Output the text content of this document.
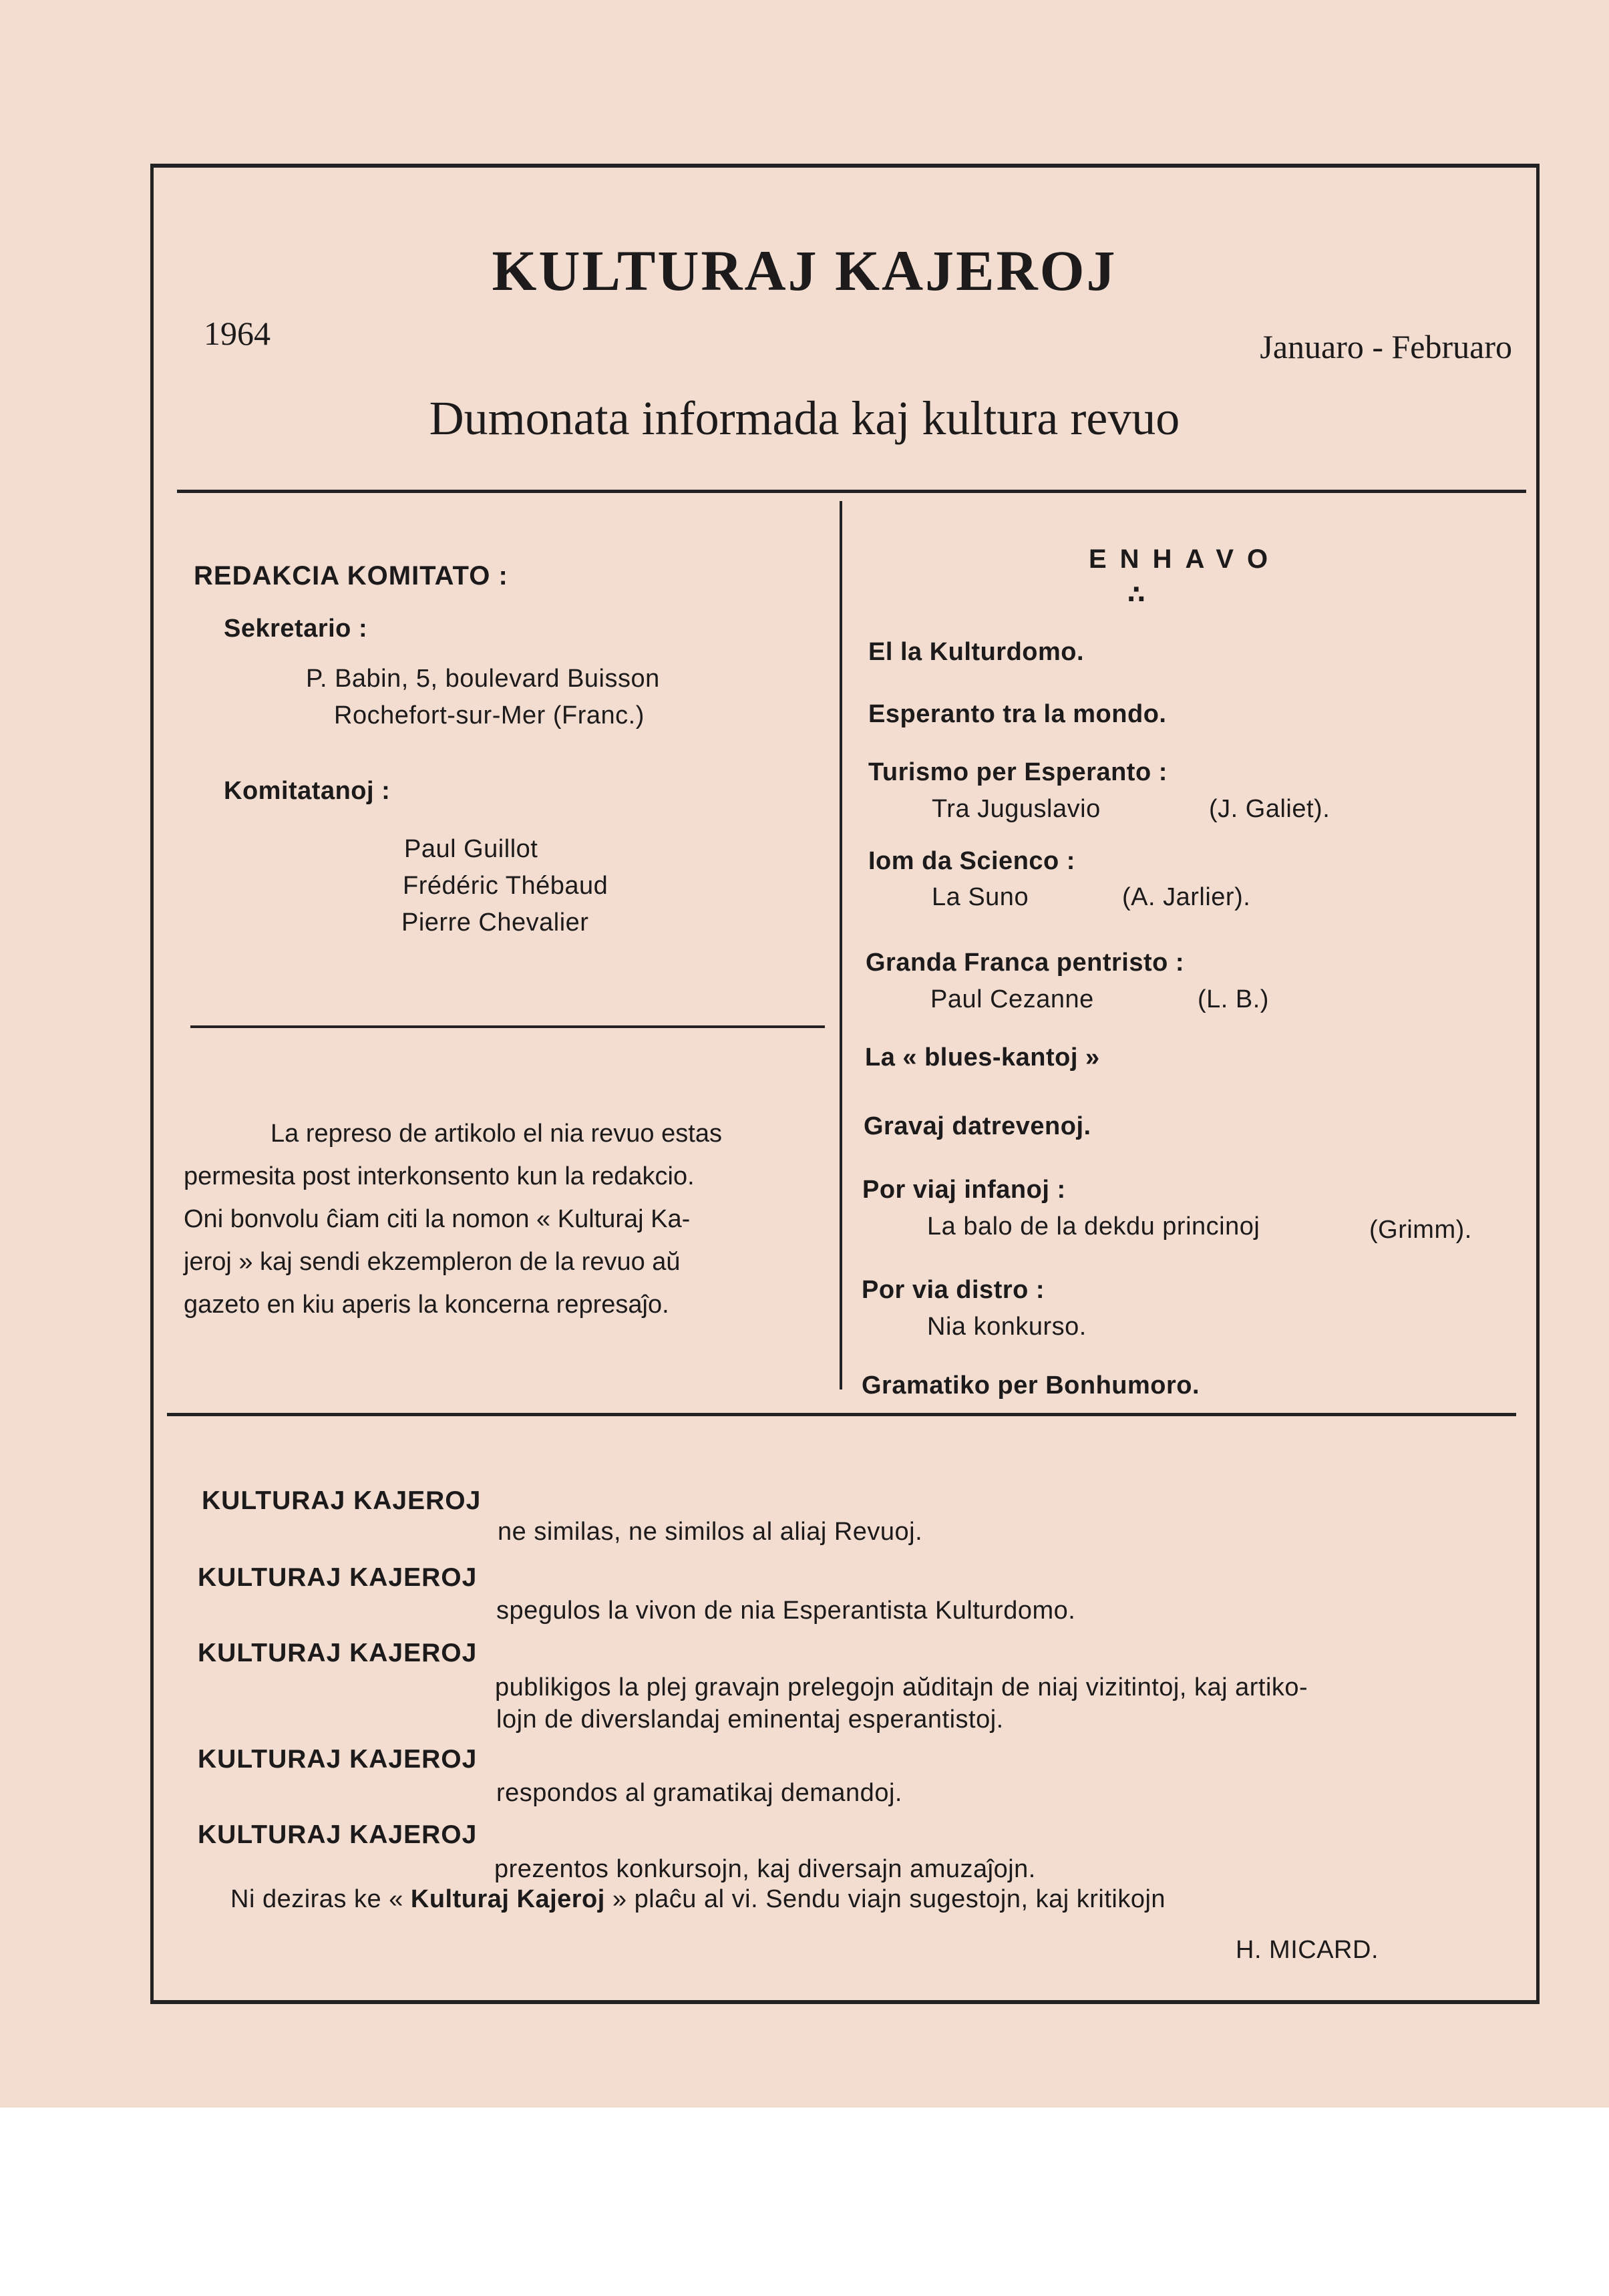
KULTURAJ KAJEROJ
1964	Januaro - Februaro
Dumonata informada kaj kultura revuo
REDAKCIA KOMITATO :
Sekretario :
P. Babin, 5, boulevard Buisson
Rochefort-sur-Mer (Franc.)
Komitatanoj :
Paul Guillot
Frédéric Thébaud
Pierre Chevalier
La represo de artikolo el nia revuo estas
permesita post interkonsento kun la redakcio.
Oni bonvolu ĉiam citi la nomon « Kulturaj Ka-
jeroj » kaj sendi ekzempleron de la revuo aŭ
gazeto en kiu aperis la koncerna represaĵo.
ENHAVO
∴
El la Kulturdomo.
Esperanto tra la mondo.
Turismo per Esperanto :
Tra Juguslavio	(J. Galiet).
Iom da Scienco :
La Suno	(A. Jarlier).
Granda Franca pentristo :
Paul Cezanne	(L. B.)
La « blues-kantoj »
Gravaj datrevenoj.
Por viaj infanoj :
La balo de la dekdu princinoj	(Grimm).
Por via distro :
Nia konkurso.
Gramatiko per Bonhumoro.
KULTURAJ KAJEROJ
ne similas, ne similos al aliaj Revuoj.
KULTURAJ KAJEROJ
spegulos la vivon de nia Esperantista Kulturdomo.
KULTURAJ KAJEROJ
publikigos la plej gravajn prelegojn aŭditajn de niaj vizitintoj, kaj artiko-
lojn de diverslandaj eminentaj esperantistoj.
KULTURAJ KAJEROJ
respondos al gramatikaj demandoj.
KULTURAJ KAJEROJ
prezentos konkursojn, kaj diversajn amuzaĵojn.
Ni deziras ke « Kulturaj Kajeroj » plaĉu al vi. Sendu viajn sugestojn, kaj kritikojn
H. MICARD.
